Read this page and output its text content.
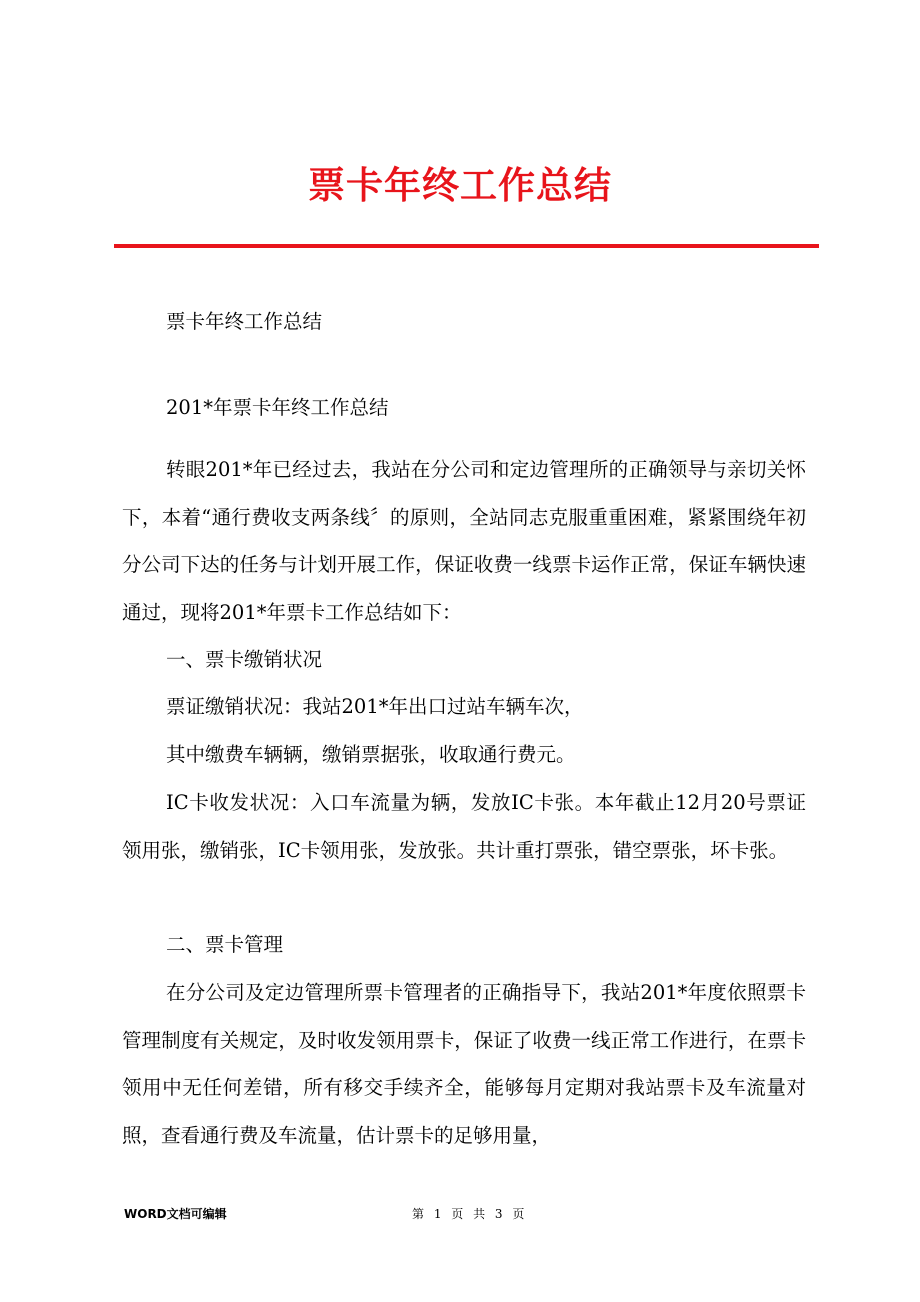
票卡年终工作总结

票卡年终工作总结

201*年票卡年终工作总结

转眼201*年已经过去，我站在分公司和定边管理所的正确领导与亲切关怀下，本着“通行费收支两条线〞的原则，全站同志克服重重困难，紧紧围绕年初分公司下达的任务与计划开展工作，保证收费一线票卡运作正常，保证车辆快速通过，现将201*年票卡工作总结如下：

一、票卡缴销状况

票证缴销状况：我站201*年出口过站车辆车次，

其中缴费车辆辆，缴销票据张，收取通行费元。

IC卡收发状况：入口车流量为辆，发放IC卡张。本年截止12月20号票证领用张，缴销张，IC卡领用张，发放张。共计重打票张，错空票张，坏卡张。

二、票卡管理

在分公司及定边管理所票卡管理者的正确指导下，我站201*年度依照票卡管理制度有关规定，及时收发领用票卡，保证了收费一线正常工作进行，在票卡领用中无任何差错，所有移交手续齐全，能够每月定期对我站票卡及车流量对照，查看通行费及车流量，估计票卡的足够用量，

WORD文档可编辑	第 1 页 共 3 页
